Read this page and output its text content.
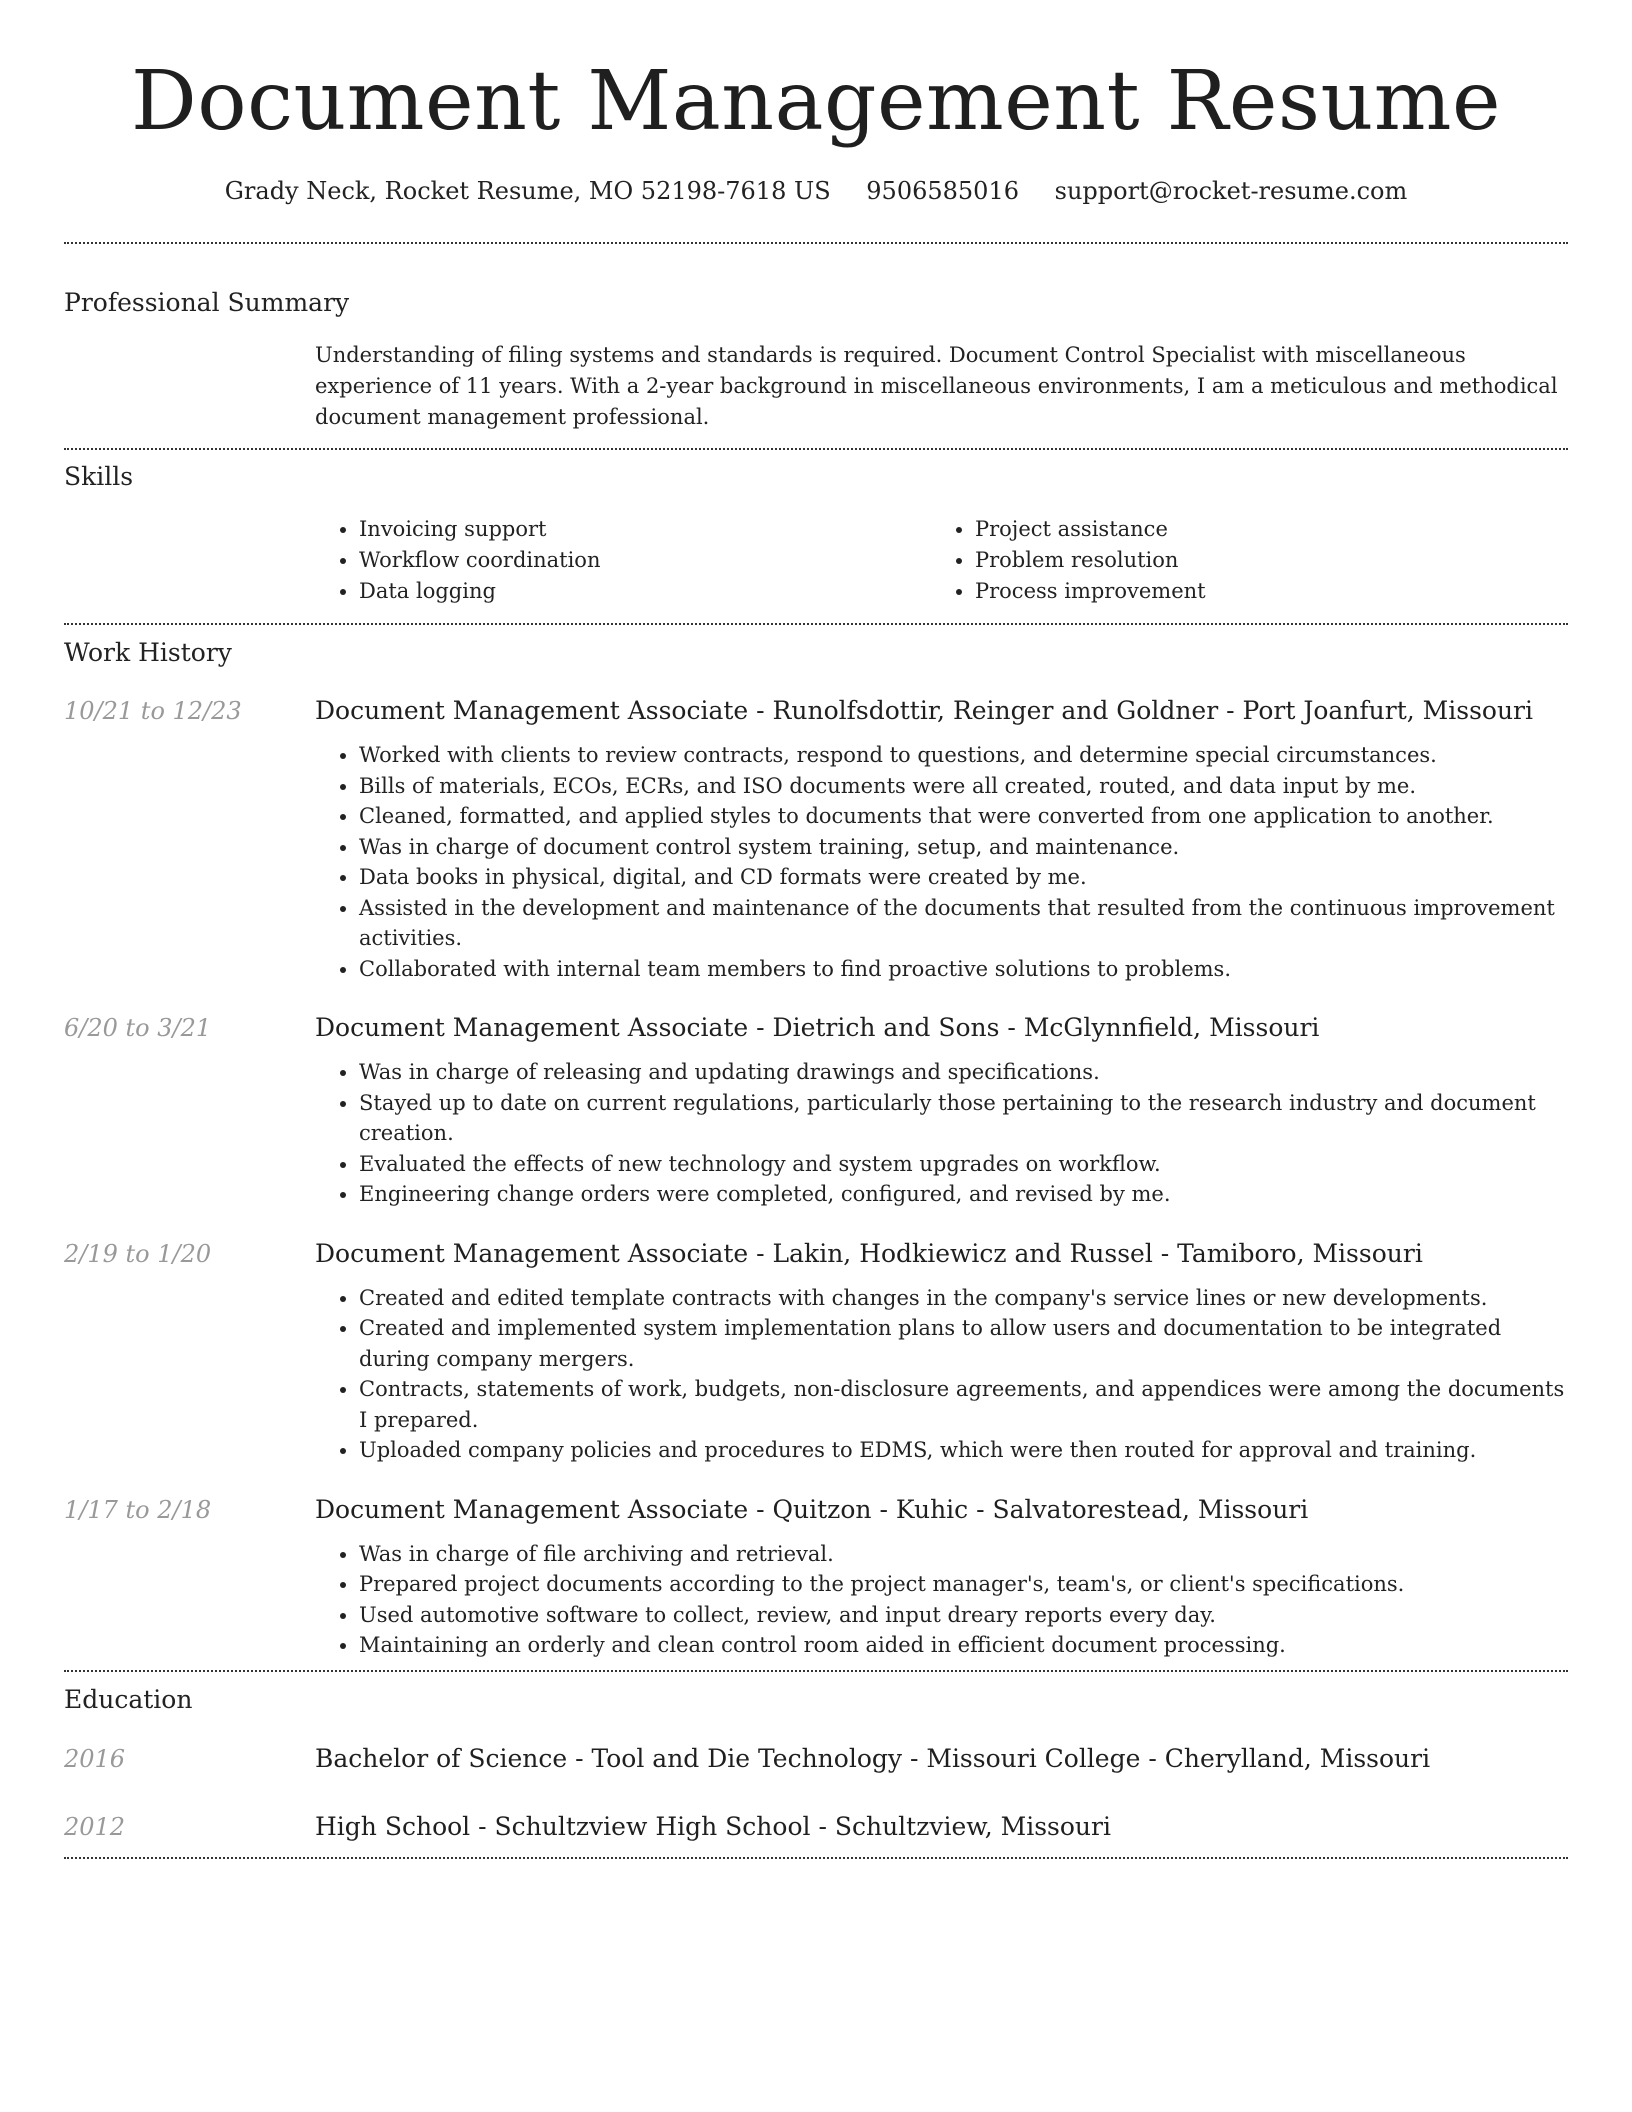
Document Management Resume
Grady Neck, Rocket Resume, MO 52198-7618 US 9506585016 support@rocket-resume.com
Professional Summary
Understanding of filing systems and standards is required. Document Control Specialist with miscellaneous experience of 11 years. With a 2-year background in miscellaneous environments, I am a meticulous and methodical document management professional.
Skills
• Invoicing support
• Workflow coordination
• Data logging
• Project assistance
• Problem resolution
• Process improvement
Work History
10/21 to 12/23	Document Management Associate - Runolfsdottir, Reinger and Goldner - Port Joanfurt, Missouri
• Worked with clients to review contracts, respond to questions, and determine special circumstances.
• Bills of materials, ECOs, ECRs, and ISO documents were all created, routed, and data input by me.
• Cleaned, formatted, and applied styles to documents that were converted from one application to another.
• Was in charge of document control system training, setup, and maintenance.
• Data books in physical, digital, and CD formats were created by me.
• Assisted in the development and maintenance of the documents that resulted from the continuous improvement activities.
• Collaborated with internal team members to find proactive solutions to problems.
6/20 to 3/21	Document Management Associate - Dietrich and Sons - McGlynnfield, Missouri
• Was in charge of releasing and updating drawings and specifications.
• Stayed up to date on current regulations, particularly those pertaining to the research industry and document creation.
• Evaluated the effects of new technology and system upgrades on workflow.
• Engineering change orders were completed, configured, and revised by me.
2/19 to 1/20	Document Management Associate - Lakin, Hodkiewicz and Russel - Tamiboro, Missouri
• Created and edited template contracts with changes in the company's service lines or new developments.
• Created and implemented system implementation plans to allow users and documentation to be integrated during company mergers.
• Contracts, statements of work, budgets, non-disclosure agreements, and appendices were among the documents I prepared.
• Uploaded company policies and procedures to EDMS, which were then routed for approval and training.
1/17 to 2/18	Document Management Associate - Quitzon - Kuhic - Salvatorestead, Missouri
• Was in charge of file archiving and retrieval.
• Prepared project documents according to the project manager's, team's, or client's specifications.
• Used automotive software to collect, review, and input dreary reports every day.
• Maintaining an orderly and clean control room aided in efficient document processing.
Education
2016	Bachelor of Science - Tool and Die Technology - Missouri College - Cherylland, Missouri
2012	High School - Schultzview High School - Schultzview, Missouri
